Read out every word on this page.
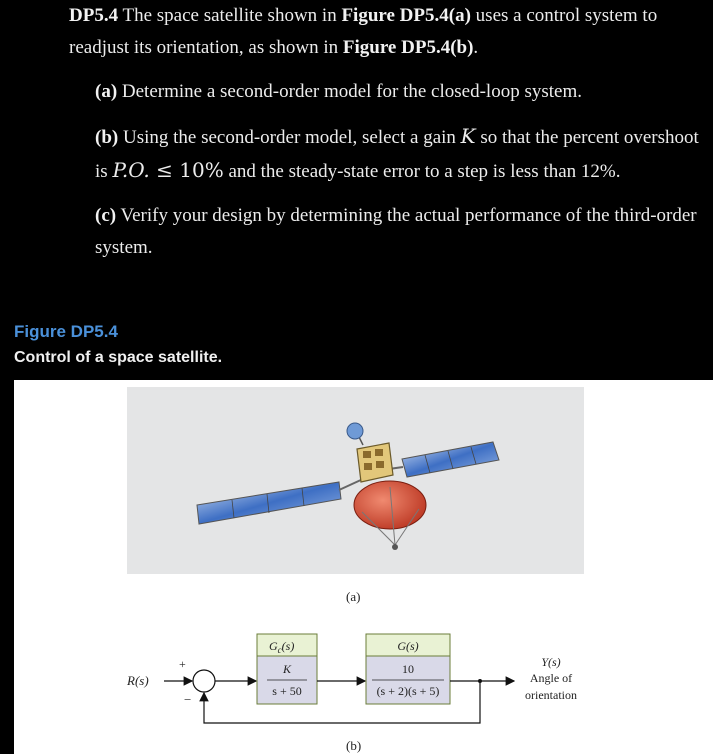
DP5.4 The space satellite shown in Figure DP5.4(a) uses a control system to readjust its orientation, as shown in Figure DP5.4(b).

(a) Determine a second-order model for the closed-loop system.

(b) Using the second-order model, select a gain K so that the percent overshoot is P.O. ≤ 10% and the steady-state error to a step is less than 12%.

(c) Verify your design by determining the actual performance of the third-order system.

Figure DP5.4
Control of a space satellite.
(a)
R(s)
+
−
$G_c(s)$
K
s + 50
G(s)
10
(s + 2)(s + 5)
Y(s)
Angle of
orientation
(b)
